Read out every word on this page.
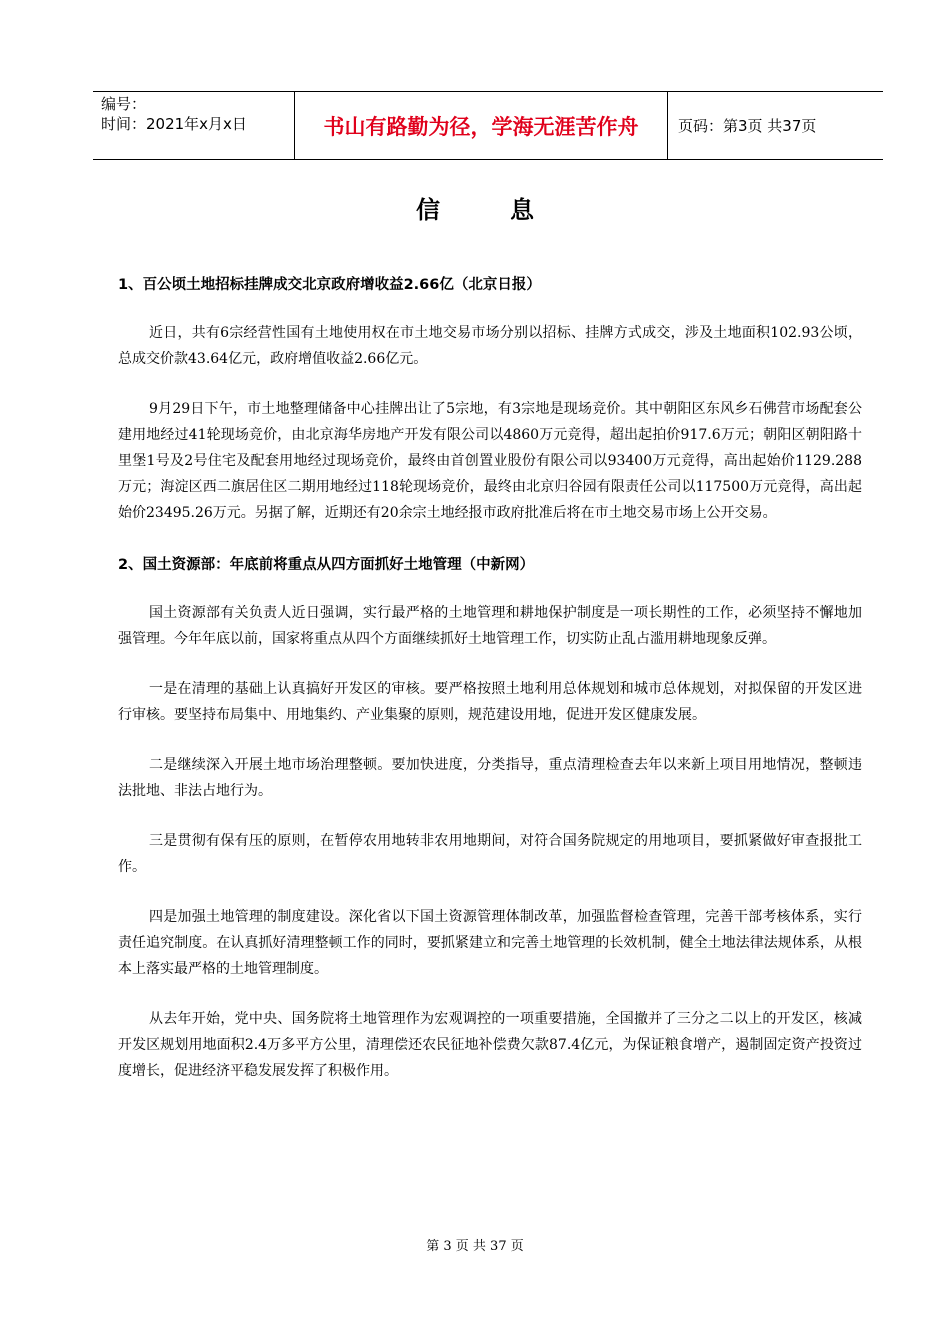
编号：
时间：2021年x月x日	书山有路勤为径，学海无涯苦作舟	页码：第3页 共37页
信息
1、百公顷土地招标挂牌成交北京政府增收益2.66亿（北京日报）

近日，共有6宗经营性国有土地使用权在市土地交易市场分别以招标、挂牌方式成交，涉及土地面积102.93公顷，总成交价款43.64亿元，政府增值收益2.66亿元。

9月29日下午，市土地整理储备中心挂牌出让了5宗地，有3宗地是现场竞价。其中朝阳区东风乡石佛营市场配套公建用地经过41轮现场竞价，由北京海华房地产开发有限公司以4860万元竞得，超出起拍价917.6万元；朝阳区朝阳路十里堡1号及2号住宅及配套用地经过现场竞价，最终由首创置业股份有限公司以93400万元竞得，高出起始价1129.288万元；海淀区西二旗居住区二期用地经过118轮现场竞价，最终由北京归谷园有限责任公司以117500万元竞得，高出起始价23495.26万元。另据了解，近期还有20余宗土地经报市政府批准后将在市土地交易市场上公开交易。

2、国土资源部：年底前将重点从四方面抓好土地管理（中新网）

国土资源部有关负责人近日强调，实行最严格的土地管理和耕地保护制度是一项长期性的工作，必须坚持不懈地加强管理。今年年底以前，国家将重点从四个方面继续抓好土地管理工作，切实防止乱占滥用耕地现象反弹。

一是在清理的基础上认真搞好开发区的审核。要严格按照土地利用总体规划和城市总体规划，对拟保留的开发区进行审核。要坚持布局集中、用地集约、产业集聚的原则，规范建设用地，促进开发区健康发展。

二是继续深入开展土地市场治理整顿。要加快进度，分类指导，重点清理检查去年以来新上项目用地情况，整顿违法批地、非法占地行为。

三是贯彻有保有压的原则，在暂停农用地转非农用地期间，对符合国务院规定的用地项目，要抓紧做好审查报批工作。

四是加强土地管理的制度建设。深化省以下国土资源管理体制改革，加强监督检查管理，完善干部考核体系，实行责任追究制度。在认真抓好清理整顿工作的同时，要抓紧建立和完善土地管理的长效机制，健全土地法律法规体系，从根本上落实最严格的土地管理制度。

从去年开始，党中央、国务院将土地管理作为宏观调控的一项重要措施，全国撤并了三分之二以上的开发区，核减开发区规划用地面积2.4万多平方公里，清理偿还农民征地补偿费欠款87.4亿元，为保证粮食增产，遏制固定资产投资过度增长，促进经济平稳发展发挥了积极作用。

第 3 页 共 37 页
